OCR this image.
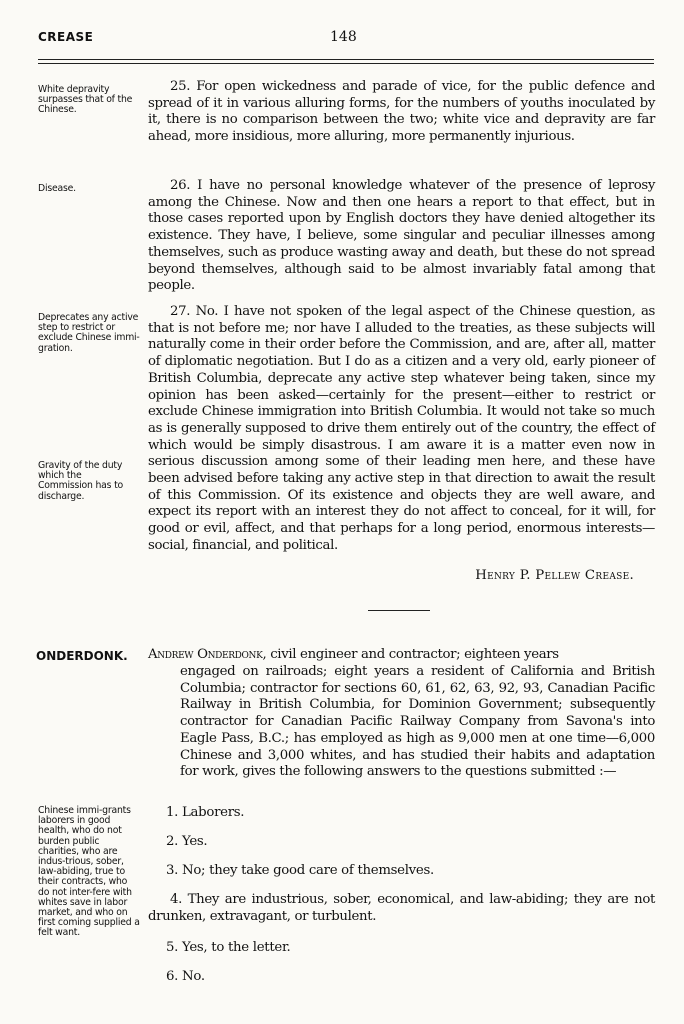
CREASE	148
White depravity surpasses that of the Chinese.
25. For open wickedness and parade of vice, for the public defence and spread of it in various alluring forms, for the numbers of youths inoculated by it, there is no comparison between the two; white vice and depravity are far ahead, more insidious, more alluring, more permanently injurious.
Disease.	26. I have no personal knowledge whatever of the presence of leprosy among the Chinese. Now and then one hears a report to that effect, but in those cases reported upon by English doctors they have denied altogether its existence. They have, I believe, some singular and peculiar illnesses among themselves, such as produce wasting away and death, but these do not spread beyond themselves, although said to be almost invariably fatal among that people.
Deprecates any active step to restrict or exclude Chinese immi-gration.
27. No. I have not spoken of the legal aspect of the Chinese question, as that is not before me; nor have I alluded to the treaties, as these subjects will naturally come in their order before the Commission, and are, after all, matter of diplomatic negotiation. But I do as a citizen and a very old, early pioneer of British Columbia, deprecate any active step whatever being taken, since my opinion has been asked—certainly for the present—either to restrict or exclude Chinese immigration into British Columbia. It would not take so much as is generally supposed to drive them entirely out of the country, the effect of which would be simply disastrous. I am aware it is a matter even now in serious discussion among some of their leading men here, and these have been advised before taking any active step in that direction to await the result of this Commission. Of its existence and objects they are well aware, and expect its report with an interest they do not affect to conceal, for it will, for good or evil, affect, and that perhaps for a long period, enormous interests—social, financial, and political.
Gravity of the duty which the Commission has to discharge.
Henry P. Pellew Crease.
ONDERDONK. Andrew Onderdonk, civil engineer and contractor; eighteen years
engaged on railroads; eight years a resident of California and British Columbia; contractor for sections 60, 61, 62, 63, 92, 93, Canadian Pacific Railway in British Columbia, for Dominion Government; subsequently contractor for Canadian Pacific Railway Company from Savona's into Eagle Pass, B.C.; has employed as high as 9,000 men at one time—6,000 Chinese and 3,000 whites, and has studied their habits and adaptation for work, gives the following answers to the questions submitted :—
Chinese immi-grants laborers in good health, who do not burden public charities, who are indus-trious, sober, law-abiding, true to their contracts, who do not inter-fere with whites save in labor market, and who on first coming supplied a felt want.
1. Laborers.
2. Yes.
3. No; they take good care of themselves.
4. They are industrious, sober, economical, and law-abiding; they are not drunken, extravagant, or turbulent.
5. Yes, to the letter.
6. No.
